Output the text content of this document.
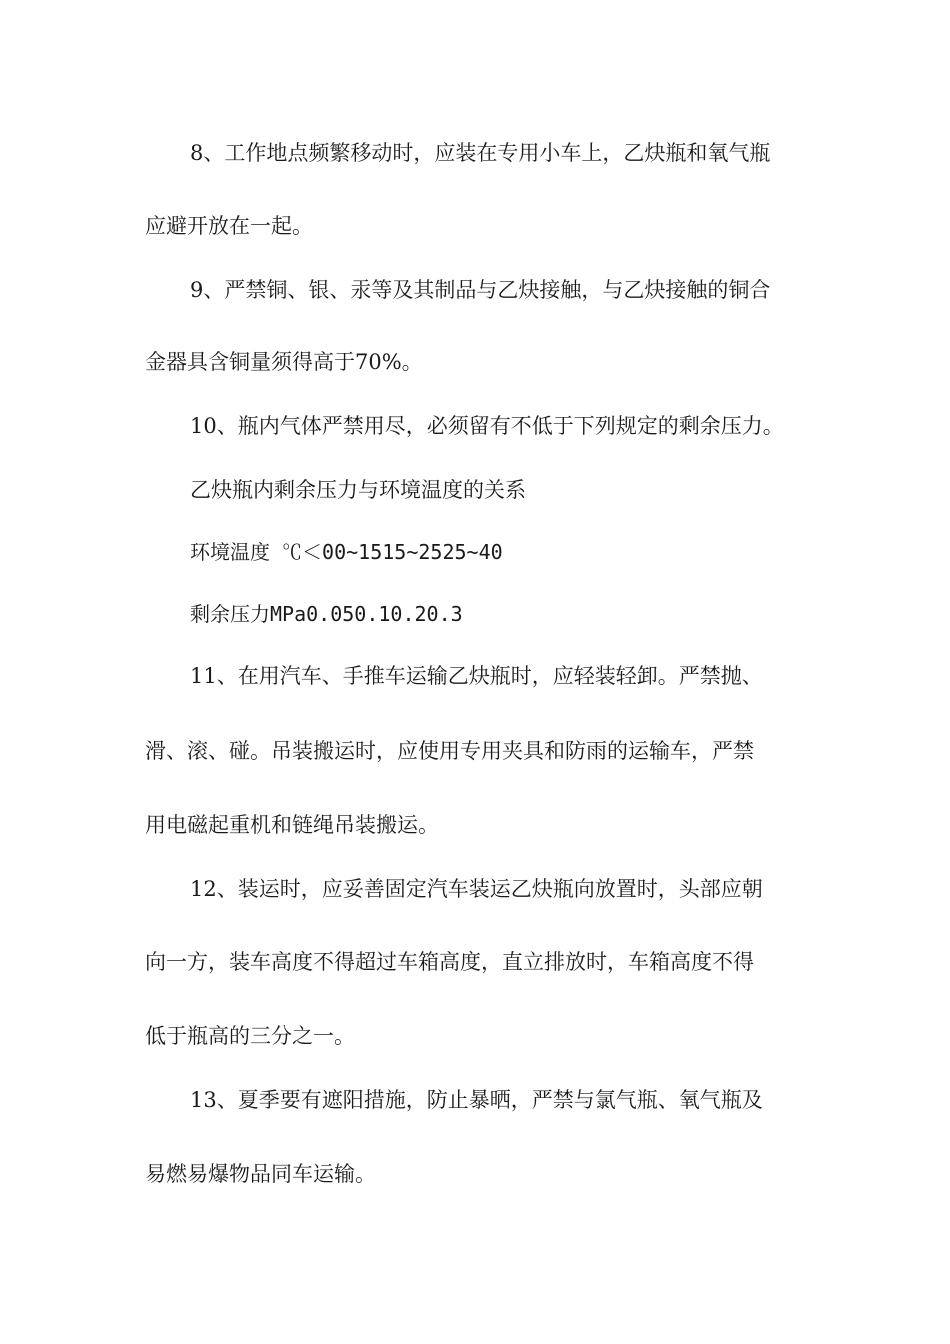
8、工作地点频繁移动时，应装在专用小车上，乙炔瓶和氧气瓶
应避开放在一起。
9、严禁铜、银、汞等及其制品与乙炔接触，与乙炔接触的铜合
金器具含铜量须得高于70%。
10、瓶内气体严禁用尽，必须留有不低于下列规定的剩余压力。
乙炔瓶内剩余压力与环境温度的关系
环境温度 ℃＜00~1515~2525~40
剩余压力MPa0.050.10.20.3
11、在用汽车、手推车运输乙炔瓶时，应轻装轻卸。严禁抛、
滑、滚、碰。吊装搬运时，应使用专用夹具和防雨的运输车，严禁
用电磁起重机和链绳吊装搬运。
12、装运时，应妥善固定汽车装运乙炔瓶向放置时，头部应朝
向一方，装车高度不得超过车箱高度，直立排放时，车箱高度不得
低于瓶高的三分之一。
13、夏季要有遮阳措施，防止暴晒，严禁与氯气瓶、氧气瓶及
易燃易爆物品同车运输。
